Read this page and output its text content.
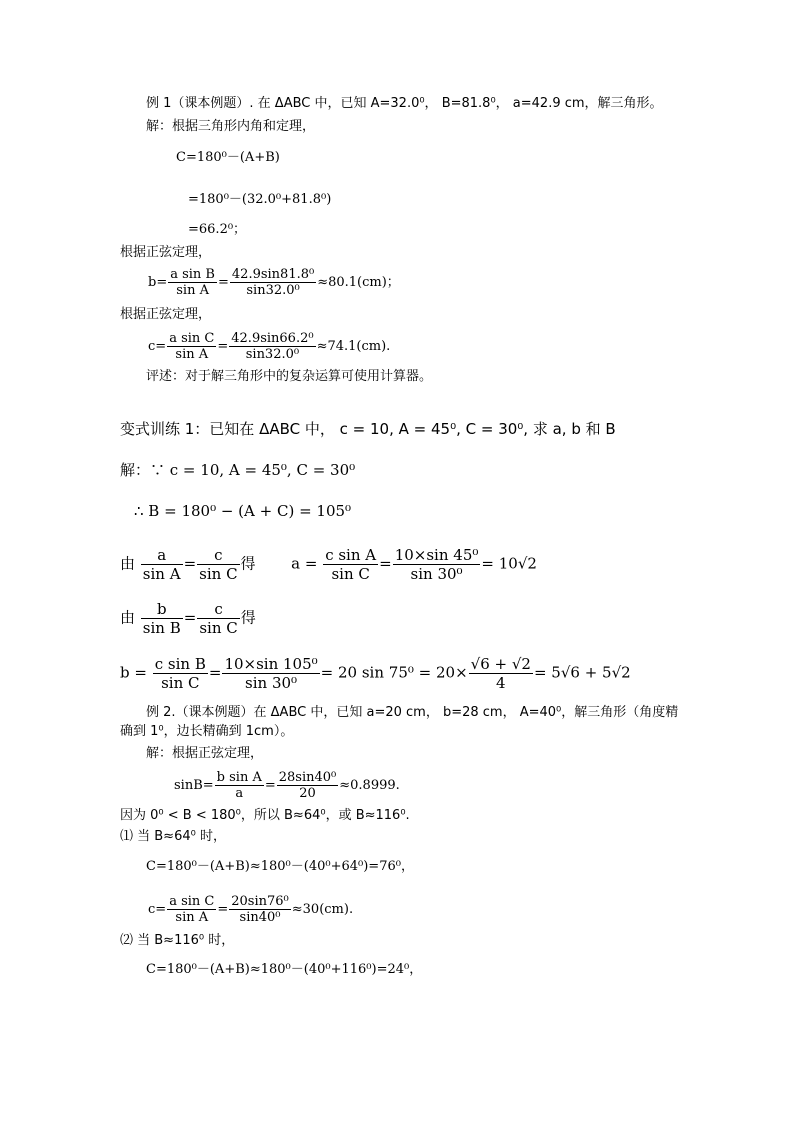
例 1（课本例题）. 在 ΔABC 中，已知 A=32.0⁰， B=81.8⁰， a=42.9 cm，解三角形。
解：根据三角形内角和定理，
C=180⁰－(A+B)
=180⁰－(32.0⁰+81.8⁰)
=66.2⁰；
根据正弦定理，
$b= \frac{\text{a sin B}}{\text{sin A}} = \frac{\text{42.9sin81.8⁰}}{\text{sin32.0⁰}} \approx 80.1(cm)$；
根据正弦定理，
$c= \frac{\text{a sin C}}{\text{sin A}} = \frac{\text{42.9sin66.2⁰}}{\text{sin32.0⁰}} \approx 74.1(cm)$.
评述：对于解三角形中的复杂运算可使用计算器。
变式训练 1：已知在 ΔABC 中， c = 10, A = 45⁰, C = 30⁰, 求 a, b 和 B
解：∵ c = 10, A = 45⁰, C = 30⁰
∴ B = 180⁰ − (A + C) = 105⁰
由 $\frac{a}{\text{sin A}} = \frac{c}{\text{sin C}}$ 得 $a = \frac{\text{c sin A}}{\text{sin C}} = \frac{\text{10×sin 45⁰}}{\text{sin 30⁰}} = 10√2$
由 $\frac{b}{\text{sin B}} = \frac{c}{\text{sin C}}$ 得
$b = \frac{\text{c sin B}}{\text{sin C}} = \frac{\text{10×sin 105⁰}}{\text{sin 30⁰}} = 20$ $\sin 75^0 = 20\times \frac{√6 + √2}{4} = 5√6 + 5√2$
例 2.（课本例题）在 ΔABC 中，已知 a=20 cm， b=28 cm， A=40⁰，解三角形（角度精
确到 1⁰，边长精确到 1cm）。
解：根据正弦定理，
$\sin B= \frac{\text{b sin A}}{a} = \frac{\text{28sin40⁰}}{20} \approx 0.8999$.
因为 0⁰ < B < 180⁰，所以 B≈64⁰，或 B≈116⁰.
⑴ 当 B≈64⁰ 时，
C=180⁰－(A+B)≈180⁰－(40⁰+64⁰)=76⁰，
$c= \frac{\text{a sin C}}{\text{sin A}} = \frac{\text{20sin76⁰}}{\text{sin40⁰}} \approx 30(cm)$.
⑵ 当 B≈116⁰ 时，
C=180⁰－(A+B)≈180⁰－(40⁰+116⁰)=24⁰，
